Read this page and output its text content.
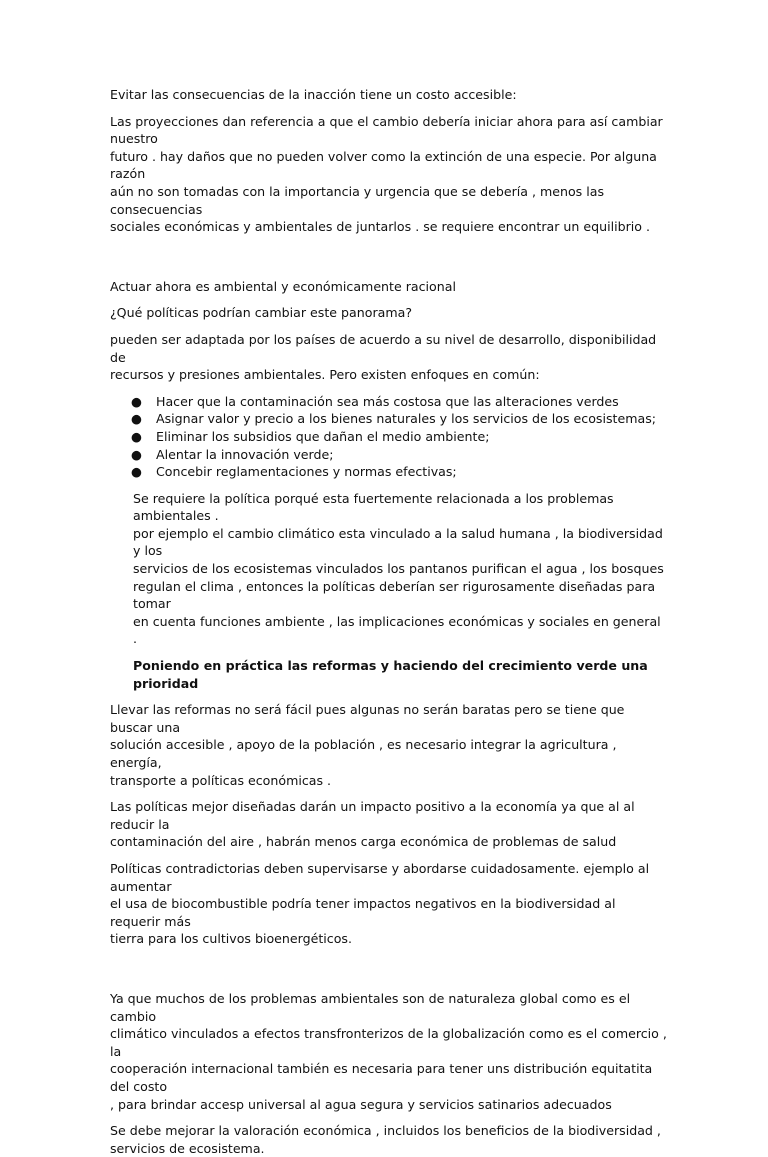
Evitar las consecuencias de la inacción tiene un costo accesible:

Las proyecciones dan referencia a que el cambio debería iniciar ahora para así cambiar nuestro
futuro . hay daños que no pueden volver como la extinción de una especie. Por alguna razón
aún no son tomadas con la importancia y urgencia que se debería , menos las consecuencias
sociales económicas y ambientales de juntarlos . se requiere encontrar un equilibrio .

Actuar ahora es ambiental y económicamente racional

¿Qué políticas podrían cambiar este panorama?

pueden ser adaptada por los países de acuerdo a su nivel de desarrollo, disponibilidad de
recursos y presiones ambientales. Pero existen enfoques en común:
● Hacer que la contaminación sea más costosa que las alteraciones verdes
● Asignar valor y precio a los bienes naturales y los servicios de los ecosistemas;
● Eliminar los subsidios que dañan el medio ambiente;
● Alentar la innovación verde;
● Concebir reglamentaciones y normas efectivas;
Se requiere la política porqué esta fuertemente relacionada a los problemas ambientales .
por ejemplo el cambio climático esta vinculado a la salud humana , la biodiversidad y los
servicios de los ecosistemas vinculados los pantanos purifican el agua , los bosques
regulan el clima , entonces la políticas deberían ser rigurosamente diseñadas para tomar
en cuenta funciones ambiente , las implicaciones económicas y sociales en general .

Poniendo en práctica las reformas y haciendo del crecimiento verde una prioridad

Llevar las reformas no será fácil pues algunas no serán baratas pero se tiene que buscar una
solución accesible , apoyo de la población , es necesario integrar la agricultura , energía,
transporte a políticas económicas .
Las políticas mejor diseñadas darán un impacto positivo a la economía ya que al al reducir la
contaminación del aire , habrán menos carga económica de problemas de salud
Políticas contradictorias deben supervisarse y abordarse cuidadosamente. ejemplo al aumentar
el usa de biocombustible podría tener impactos negativos en la biodiversidad al requerir más
tierra para los cultivos bioenergéticos.
Ya que muchos de los problemas ambientales son de naturaleza global como es el cambio
climático vinculados a efectos transfronterizos de la globalización como es el comercio , la
cooperación internacional también es necesaria para tener uns distribución equitatita del costo
, para brindar accesp universal al agua segura y servicios satinarios adecuados
Se debe mejorar la valoración económica , incluidos los beneficios de la biodiversidad ,
servicios de ecosistema.
